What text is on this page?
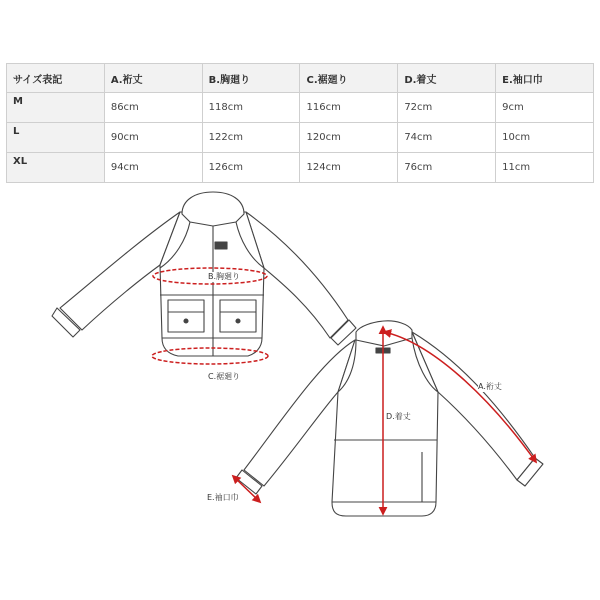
サイズ表記	A.裄丈	B.胸廻り	C.裾廻り	D.着丈	E.袖口巾
M	86cm	118cm	116cm	72cm	9cm
L	90cm	122cm	120cm	74cm	10cm
XL	94cm	126cm	124cm	76cm	11cm
B.胸廻り
C.裾廻り
D.着丈
A.裄丈
E.袖口巾
